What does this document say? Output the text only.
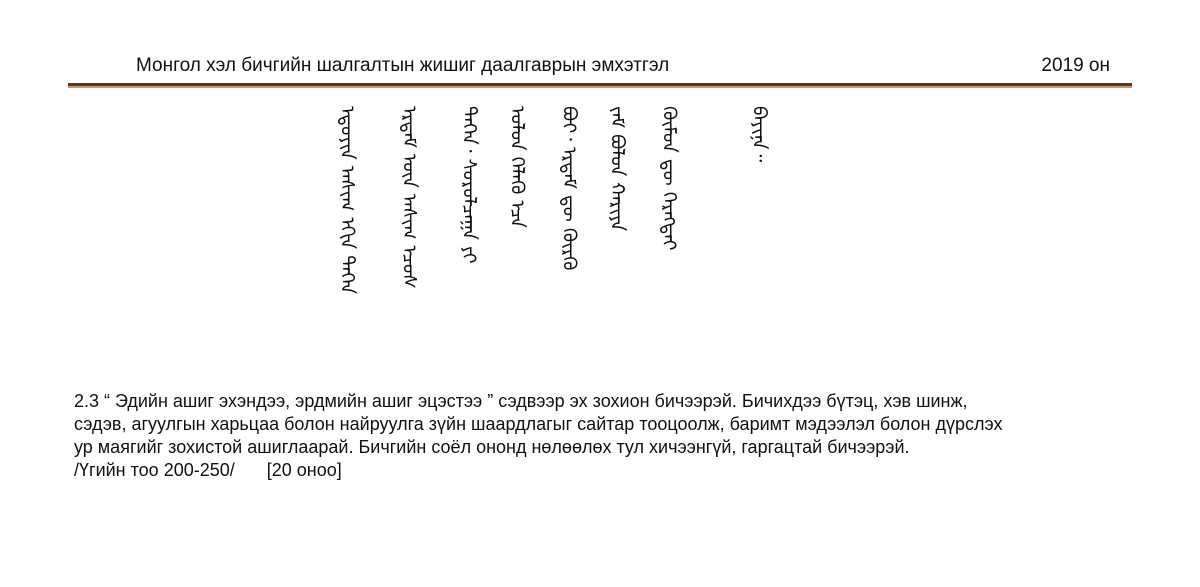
Монгол хэл бичгийн шалгалтын жишиг даалгаврын эмхэтгэл	2019 он
ᠡᠳᠦᠶᠢᠨ ᠠᠰᠢᠭ ᠡᠬᠢᠨ ᠳᠡᠭᠡᠨ ᠡᠷᠳᠡᠮ ᠦᠨ ᠠᠰᠢᠭ ᠡᠴᠦᠰ ᠲᠡᠭᠡᠨ᠂ ᠰᠤᠷᠤᠯᠴᠠᠭᠠ ᠶᠢ ᠤᠯᠤᠨ ᠬᠡᠯᠡᠬᠦ ᠡᠴᠡ ᠪᠤᠢ᠂ ᠡᠷᠳᠡᠮ ᠳᠦ ᠬᠦᠷᠬᠦ ᠵᠠᠮ ᠪᠤᠯᠤᠨ ᠬᠠᠷᠢᠶᠠ ᠬᠦᠮᠦᠨ ᠳᠦ ᠬᠡᠷᠡᠭᠲᠡᠢ	ᠪᠠᠶᠢᠨᠠ᠃
2.3 “ Эдийн ашиг эхэндээ, эрдмийн ашиг эцэстээ ” сэдвээр эх зохион бичээрэй. Бичихдээ бүтэц, хэв шинж,
сэдэв, агуулгын харьцаа болон найруулга зүйн шаардлагыг сайтар тооцоолж, баримт мэдээлэл болон дүрслэх
ур маягийг зохистой ашиглаарай. Бичгийн соёл ононд нөлөөлөх тул хичээнгүй, гаргацтай бичээрэй.
/Үгийн тоо 200-250/ [20 оноо]
